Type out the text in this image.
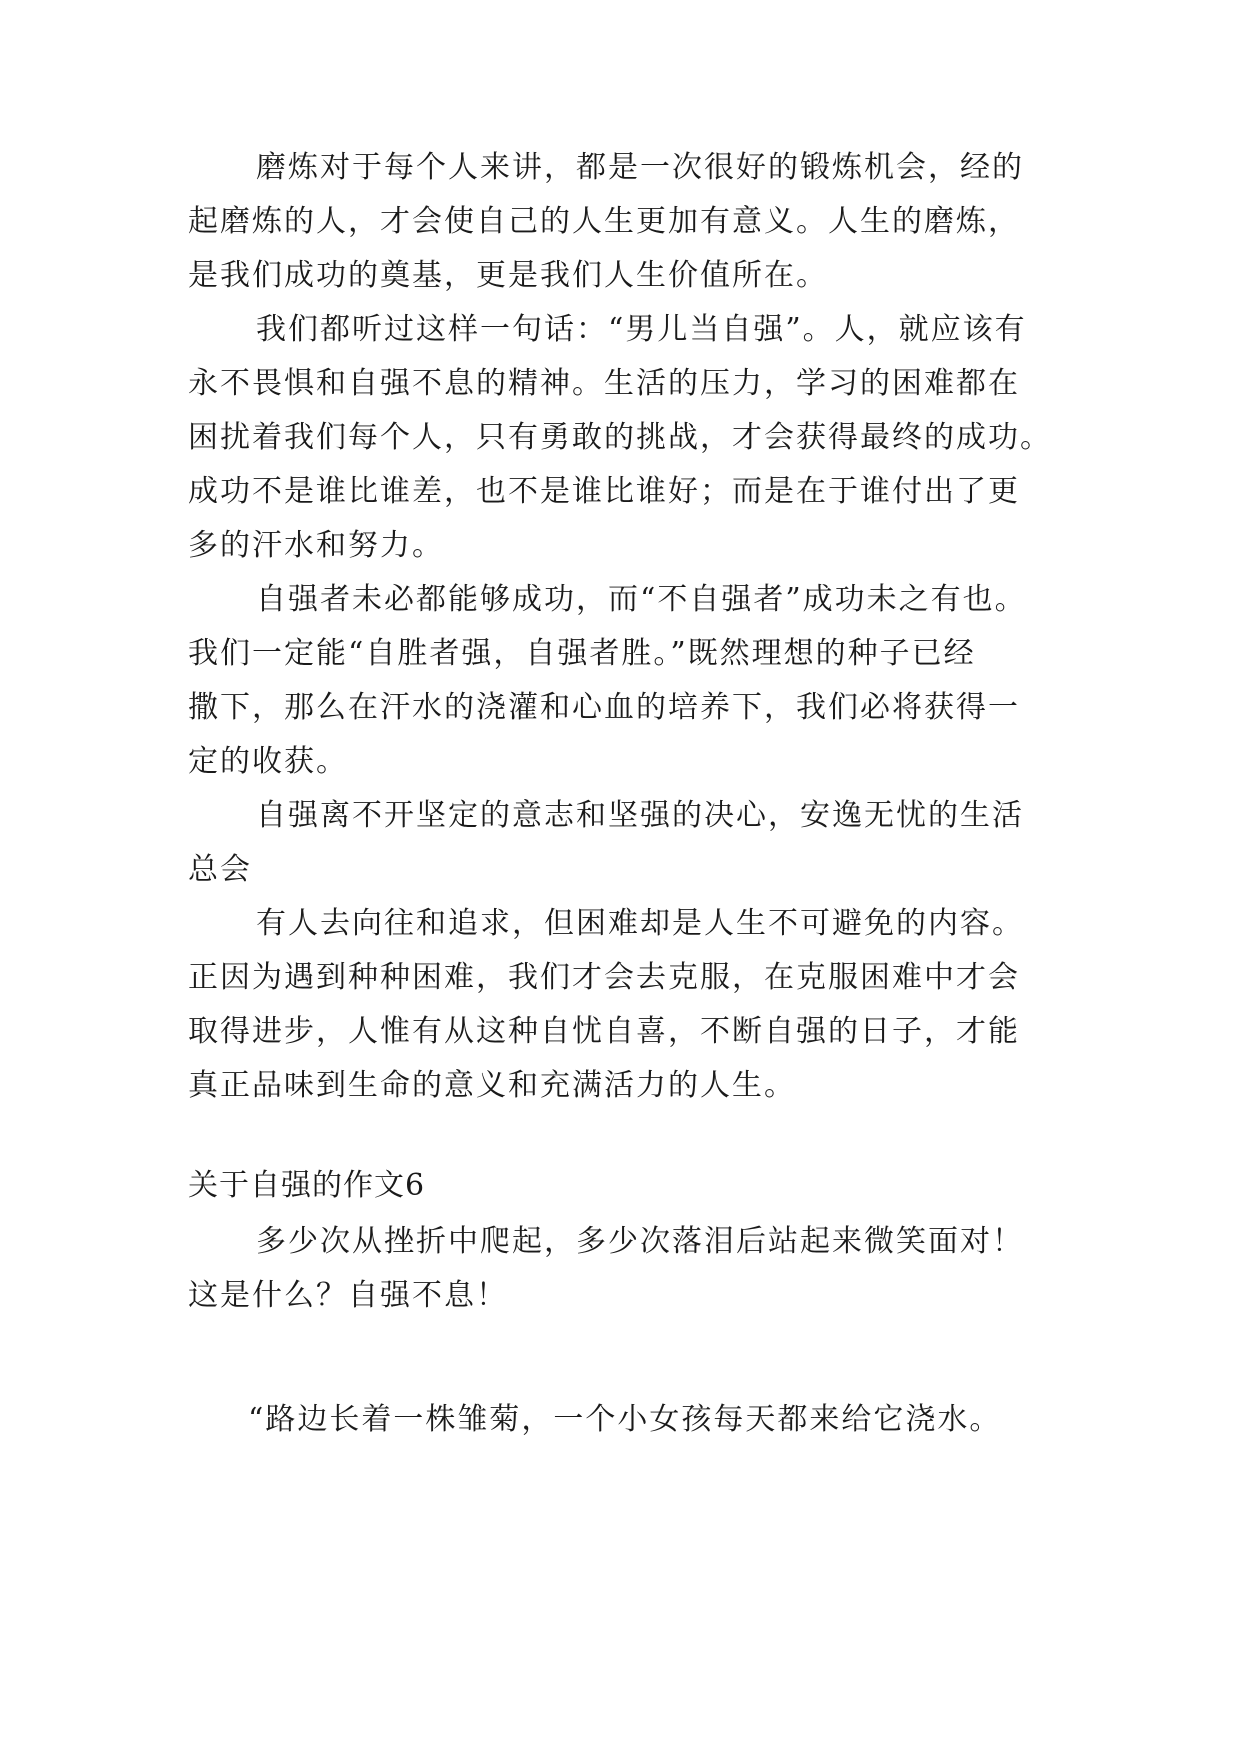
磨炼对于每个人来讲，都是一次很好的锻炼机会，经的
起磨炼的人，才会使自己的人生更加有意义。人生的磨炼，
是我们成功的奠基，更是我们人生价值所在。
我们都听过这样一句话：“男儿当自强”。人，就应该有
永不畏惧和自强不息的精神。生活的压力，学习的困难都在
困扰着我们每个人，只有勇敢的挑战，才会获得最终的成功。
成功不是谁比谁差，也不是谁比谁好；而是在于谁付出了更
多的汗水和努力。
自强者未必都能够成功，而“不自强者”成功未之有也。
我们一定能“自胜者强，自强者胜。”既然理想的种子已经
撒下，那么在汗水的浇灌和心血的培养下，我们必将获得一
定的收获。
自强离不开坚定的意志和坚强的决心，安逸无忧的生活
总会
有人去向往和追求，但困难却是人生不可避免的内容。
正因为遇到种种困难，我们才会去克服，在克服困难中才会
取得进步，人惟有从这种自忧自喜，不断自强的日子，才能
真正品味到生命的意义和充满活力的人生。
关于自强的作文6
多少次从挫折中爬起，多少次落泪后站起来微笑面对！
这是什么？自强不息！
“路边长着一株雏菊，一个小女孩每天都来给它浇水。
